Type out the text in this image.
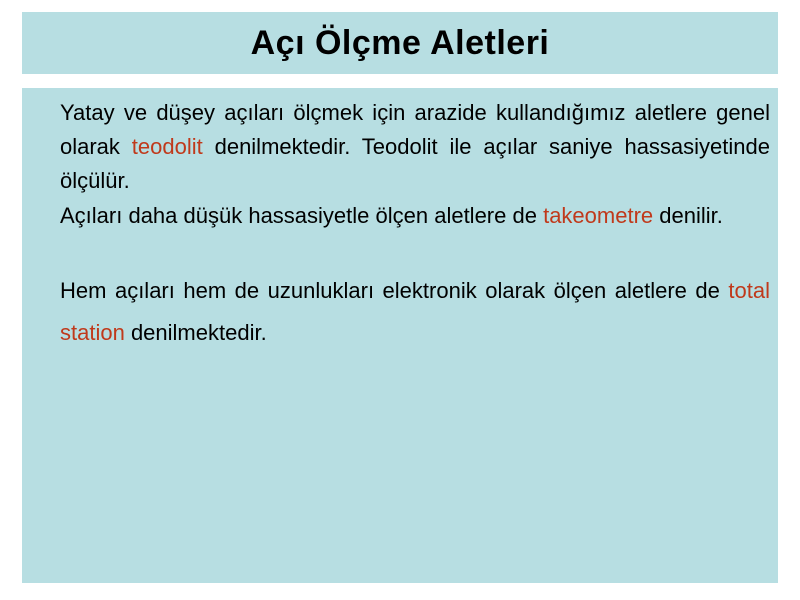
Açı Ölçme Aletleri

Yatay ve düşey açıları ölçmek için arazide kullandığımız aletlere genel olarak teodolit denilmektedir. Teodolit ile açılar saniye hassasiyetinde ölçülür.

Açıları daha düşük hassasiyetle ölçen aletlere de takeometre denilir.

Hem açıları hem de uzunlukları elektronik olarak ölçen aletlere de total station denilmektedir.
